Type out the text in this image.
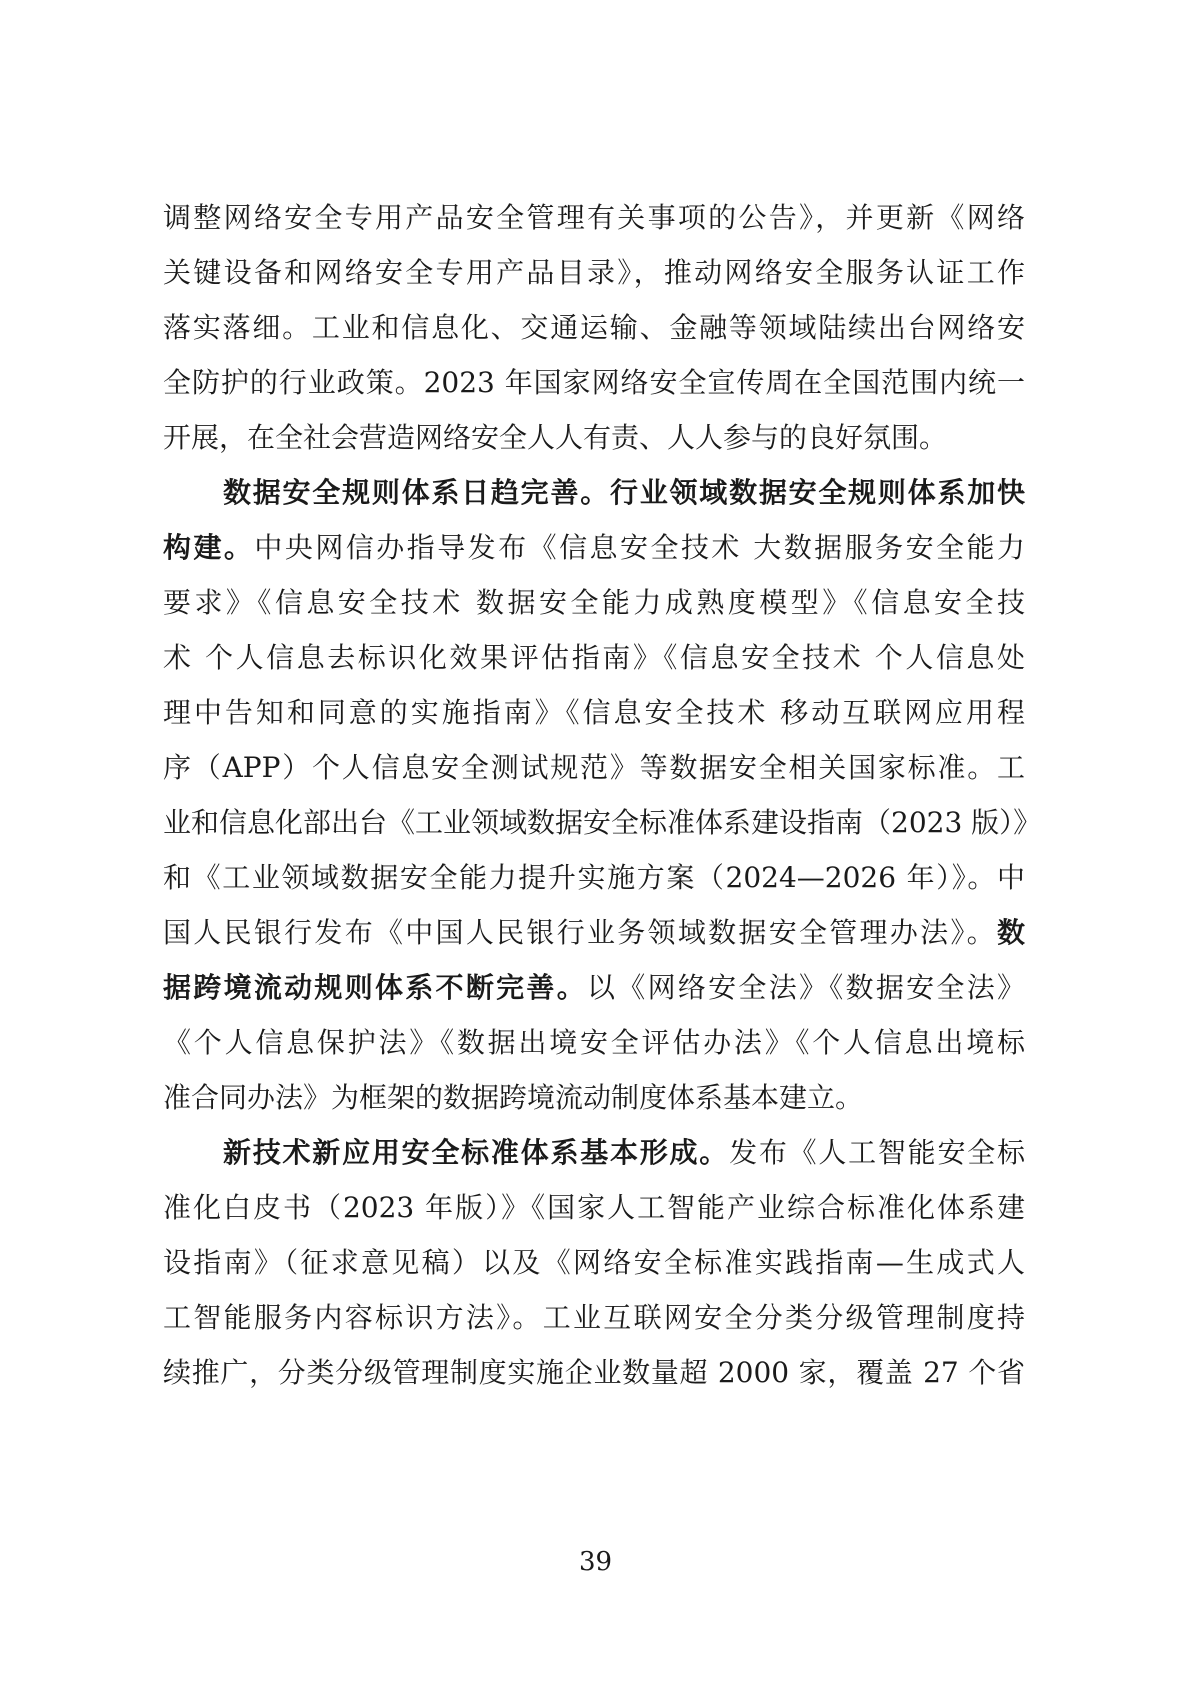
调整网络安全专用产品安全管理有关事项的公告》，并更新《网络
关键设备和网络安全专用产品目录》，推动网络安全服务认证工作
落实落细。工业和信息化、交通运输、金融等领域陆续出台网络安
全防护的行业政策。2023 年国家网络安全宣传周在全国范围内统一
开展，在全社会营造网络安全人人有责、人人参与的良好氛围。
数据安全规则体系日趋完善。行业领域数据安全规则体系加快
构建。中央网信办指导发布《信息安全技术 大数据服务安全能力
要求》《信息安全技术 数据安全能力成熟度模型》《信息安全技
术 个人信息去标识化效果评估指南》《信息安全技术 个人信息处
理中告知和同意的实施指南》《信息安全技术 移动互联网应用程
序（APP）个人信息安全测试规范》等数据安全相关国家标准。工
业和信息化部出台《工业领域数据安全标准体系建设指南（2023 版）》
和《工业领域数据安全能力提升实施方案（2024—2026 年）》。中
国人民银行发布《中国人民银行业务领域数据安全管理办法》。数
据跨境流动规则体系不断完善。以《网络安全法》《数据安全法》
《个人信息保护法》《数据出境安全评估办法》《个人信息出境标
准合同办法》为框架的数据跨境流动制度体系基本建立。
新技术新应用安全标准体系基本形成。发布《人工智能安全标
准化白皮书（2023 年版）》《国家人工智能产业综合标准化体系建
设指南》（征求意见稿）以及《网络安全标准实践指南—生成式人
工智能服务内容标识方法》。工业互联网安全分类分级管理制度持
续推广，分类分级管理制度实施企业数量超 2000 家，覆盖 27 个省
39
